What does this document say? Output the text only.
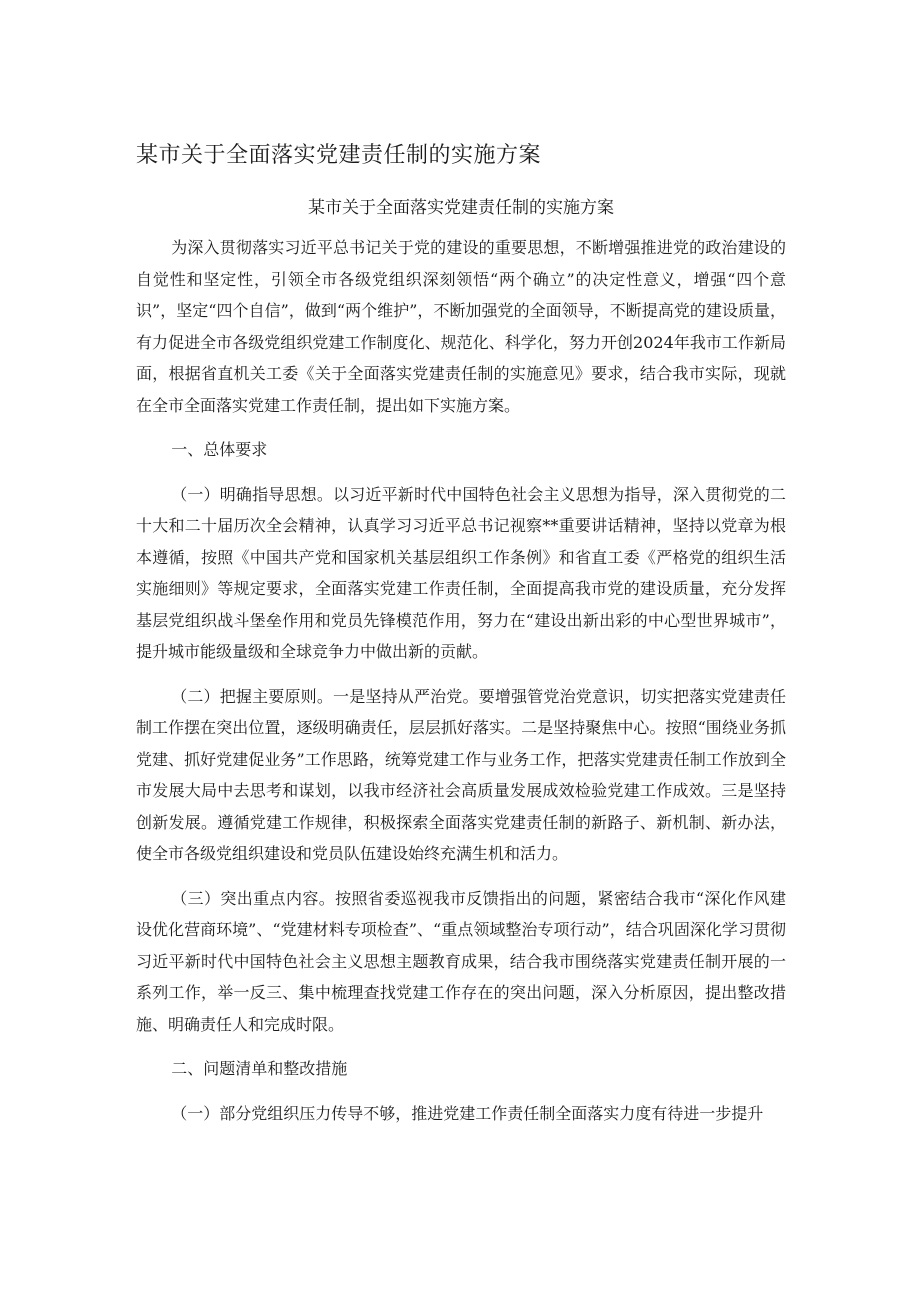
某市关于全面落实党建责任制的实施方案
某市关于全面落实党建责任制的实施方案

为深入贯彻落实习近平总书记关于党的建设的重要思想，不断增强推进党的政治建设的自觉性和坚定性，引领全市各级党组织深刻领悟“两个确立”的决定性意义，增强“四个意识”，坚定“四个自信”，做到“两个维护”，不断加强党的全面领导，不断提高党的建设质量，有力促进全市各级党组织党建工作制度化、规范化、科学化，努力开创2024年我市工作新局面，根据省直机关工委《关于全面落实党建责任制的实施意见》要求，结合我市实际，现就在全市全面落实党建工作责任制，提出如下实施方案。

一、总体要求

（一）明确指导思想。以习近平新时代中国特色社会主义思想为指导，深入贯彻党的二十大和二十届历次全会精神，认真学习习近平总书记视察**重要讲话精神，坚持以党章为根本遵循，按照《中国共产党和国家机关基层组织工作条例》和省直工委《严格党的组织生活实施细则》等规定要求，全面落实党建工作责任制，全面提高我市党的建设质量，充分发挥基层党组织战斗堡垒作用和党员先锋模范作用，努力在“建设出新出彩的中心型世界城市”，提升城市能级量级和全球竞争力中做出新的贡献。

（二）把握主要原则。一是坚持从严治党。要增强管党治党意识，切实把落实党建责任制工作摆在突出位置，逐级明确责任，层层抓好落实。二是坚持聚焦中心。按照“围绕业务抓党建、抓好党建促业务”工作思路，统筹党建工作与业务工作，把落实党建责任制工作放到全市发展大局中去思考和谋划，以我市经济社会高质量发展成效检验党建工作成效。三是坚持创新发展。遵循党建工作规律，积极探索全面落实党建责任制的新路子、新机制、新办法，使全市各级党组织建设和党员队伍建设始终充满生机和活力。

（三）突出重点内容。按照省委巡视我市反馈指出的问题，紧密结合我市“深化作风建设优化营商环境”、“党建材料专项检查”、“重点领域整治专项行动”，结合巩固深化学习贯彻习近平新时代中国特色社会主义思想主题教育成果，结合我市围绕落实党建责任制开展的一系列工作，举一反三、集中梳理查找党建工作存在的突出问题，深入分析原因，提出整改措施、明确责任人和完成时限。

二、问题清单和整改措施

（一）部分党组织压力传导不够，推进党建工作责任制全面落实力度有待进一步提升
